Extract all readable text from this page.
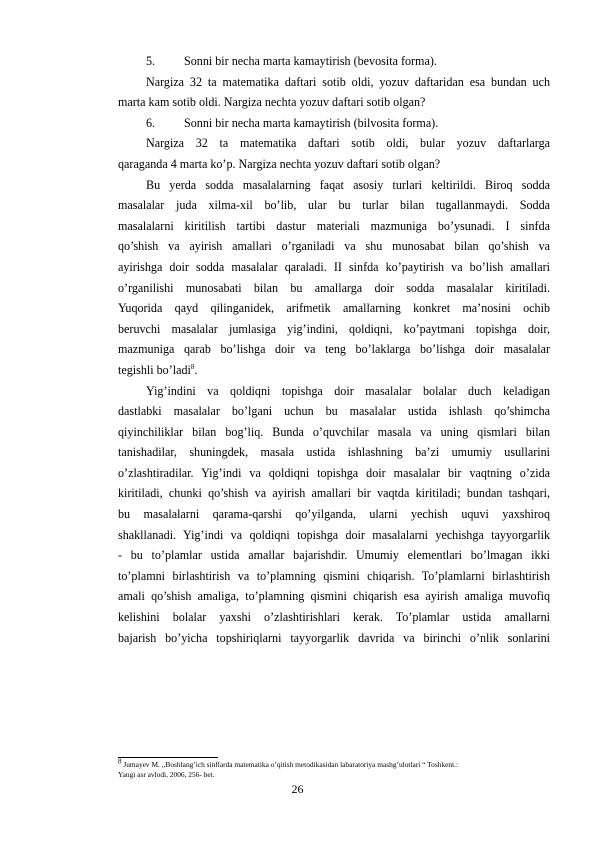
5. Sonni bir necha marta kamaytirish (bevosita forma).
Nargiza 32 ta matematika daftari sotib oldi, yozuv daftaridan esa bundan uch
marta kam sotib oldi. Nargiza nechta yozuv daftari sotib olgan?
6. Sonni bir necha marta kamaytirish (bilvosita forma).
Nargiza 32 ta matematika daftari sotib oldi, bular yozuv daftarlarga
qaraganda 4 marta ko’p. Nargiza nechta yozuv daftari sotib olgan?
Bu yerda sodda masalalarning faqat asosiy turlari keltirildi. Biroq sodda
masalalar juda xilma-xil bo’lib, ular bu turlar bilan tugallanmaydi. Sodda
masalalarni kiritilish tartibi dastur materiali mazmuniga bo’ysunadi. I sinfda
qo’shish va ayirish amallari o’rganiladi va shu munosabat bilan qo’shish va
ayirishga doir sodda masalalar qaraladi. II sinfda ko’paytirish va bo’lish amallari
o’rganilishi munosabati bilan bu amallarga doir sodda masalalar kiritiladi.
Yuqorida qayd qilinganidek, arifmetik amallarning konkret ma’nosini ochib
beruvchi masalalar jumlasiga yig’indini, qoldiqni, ko’paytmani topishga doir,
mazmuniga qarab bo’lishga doir va teng bo’laklarga bo’lishga doir masalalar
tegishli bo’ladi$^8$.
Yig’indini va qoldiqni topishga doir masalalar bolalar duch keladigan
dastlabki masalalar bo’lgani uchun bu masalalar ustida ishlash qo’shimcha
qiyinchiliklar bilan bog’liq. Bunda o’quvchilar masala va uning qismlari bilan
tanishadilar, shuningdek, masala ustida ishlashning ba’zi umumiy usullarini
o’zlashtiradilar. Yig’indi va qoldiqni topishga doir masalalar bir vaqtning o’zida
kiritiladi, chunki qo’shish va ayirish amallari bir vaqtda kiritiladi; bundan tashqari,
bu masalalarni qarama-qarshi qo’yilganda, ularni yechish uquvi yaxshiroq
shakllanadi. Yig’indi va qoldiqni topishga doir masalalarni yechishga tayyorgarlik
- bu to’plamlar ustida amallar bajarishdir. Umumiy elementlari bo’lmagan ikki
to’plamni birlashtirish va to’plamning qismini chiqarish. To’plamlarni birlashtirish
amali qo’shish amaliga, to’plamning qismini chiqarish esa ayirish amaliga muvofiq
kelishini bolalar yaxshi o’zlashtirishlari kerak. To’plamlar ustida amallarni
bajarish bo’yicha topshiriqlarni tayyorgarlik davrida va birinchi o’nlik sonlarini
$^8$ Jumayev M. ,,Boshlang’ich sinflarda matematika o’qitish metodikasidan labaratoriya mashg’ulotlari “ Toshkent.:
Yangi asr avlodi, 2006, 256- bet.
26
